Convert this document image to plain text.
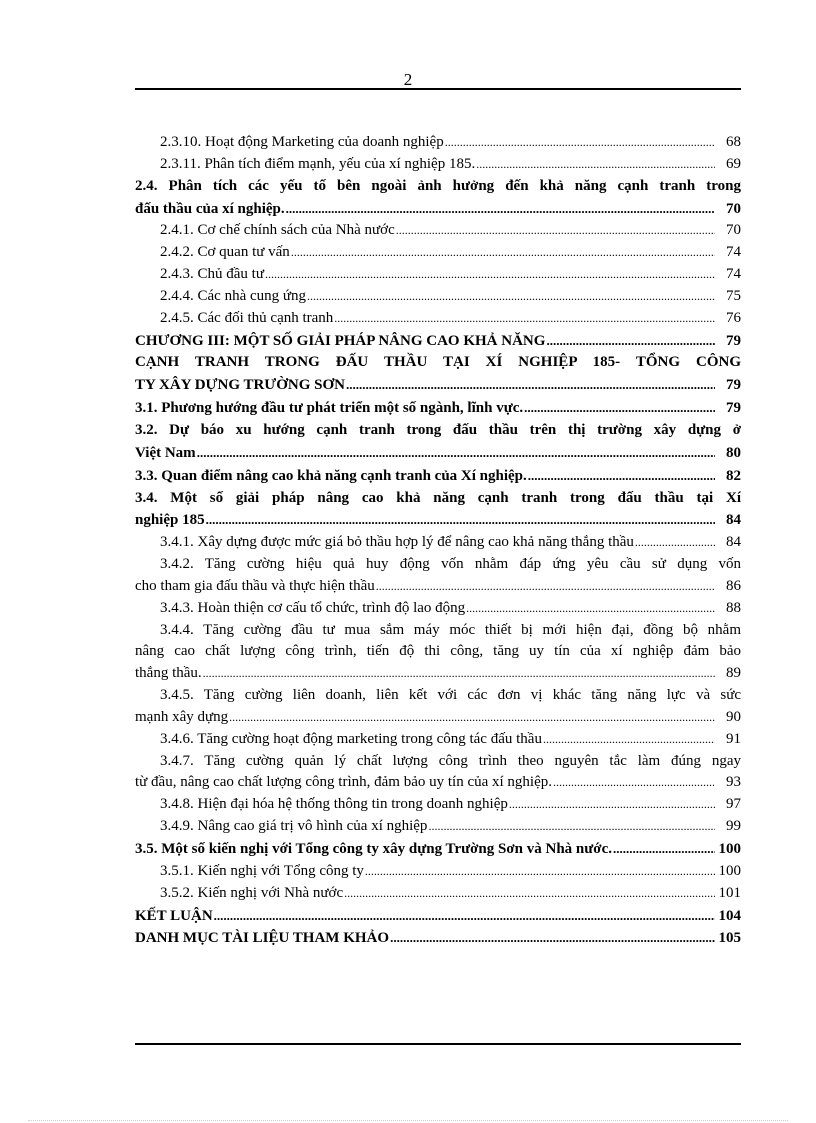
2
2.3.10. Hoạt động Marketing của doanh nghiệp .....	68
2.3.11. Phân tích điểm mạnh, yếu của xí nghiệp 185. .....	69
2.4. Phân tích các yếu tố bên ngoài ảnh hưởng đến khả năng cạnh tranh trong
đấu thầu của xí nghiệp. .....	70
2.4.1. Cơ chế chính sách của Nhà nước .....	70
2.4.2. Cơ quan tư vấn .....	74
2.4.3. Chủ đầu tư .....	74
2.4.4. Các nhà cung ứng .....	75
2.4.5. Các đối thủ cạnh tranh .....	76
CHƯƠNG III: MỘT SỐ GIẢI PHÁP NÂNG CAO KHẢ NĂNG .....	79
CẠNH TRANH TRONG ĐẤU THẦU TẠI XÍ NGHIỆP 185- TỔNG CÔNG
TY XÂY DỰNG TRƯỜNG SƠN .....	79
3.1. Phương hướng đầu tư phát triển một số ngành, lĩnh vực. .....	79
3.2. Dự báo xu hướng cạnh tranh trong đấu thầu trên thị trường xây dựng ở
Việt Nam .....	80
3.3. Quan điểm nâng cao khả năng cạnh tranh của Xí nghiệp. .....	82
3.4. Một số giải pháp nâng cao khả năng cạnh tranh trong đấu thầu tại Xí
nghiệp 185 .....	84
3.4.1. Xây dựng được mức giá bỏ thầu hợp lý để nâng cao khả năng thắng thầu .....	84
3.4.2. Tăng cường hiệu quả huy động vốn nhằm đáp ứng yêu cầu sử dụng vốn
cho tham gia đấu thầu và thực hiện thầu .....	86
3.4.3. Hoàn thiện cơ cấu tổ chức, trình độ lao động .....	88
3.4.4. Tăng cường đầu tư mua sắm máy móc thiết bị mới hiện đại, đồng bộ nhằm
nâng cao chất lượng công trình, tiến độ thi công, tăng uy tín của xí nghiệp đảm bảo
thắng thầu. .....	89
3.4.5. Tăng cường liên doanh, liên kết với các đơn vị khác tăng năng lực và sức
mạnh xây dựng .....	90
3.4.6. Tăng cường hoạt động marketing trong công tác đấu thầu .....	91
3.4.7. Tăng cường quản lý chất lượng công trình theo nguyên tắc làm đúng ngay
từ đầu, nâng cao chất lượng công trình, đảm bảo uy tín của xí nghiệp. .....	93
3.4.8. Hiện đại hóa hệ thống thông tin trong doanh nghiệp .....	97
3.4.9. Nâng cao giá trị vô hình của xí nghiệp .....	99
3.5. Một số kiến nghị với Tổng công ty xây dựng Trường Sơn và Nhà nước. .....	100
3.5.1. Kiến nghị với Tổng công ty .....	100
3.5.2. Kiến nghị với Nhà nước .....	101
KẾT LUẬN .....	104
DANH MỤC TÀI LIỆU THAM KHẢO .....	105
